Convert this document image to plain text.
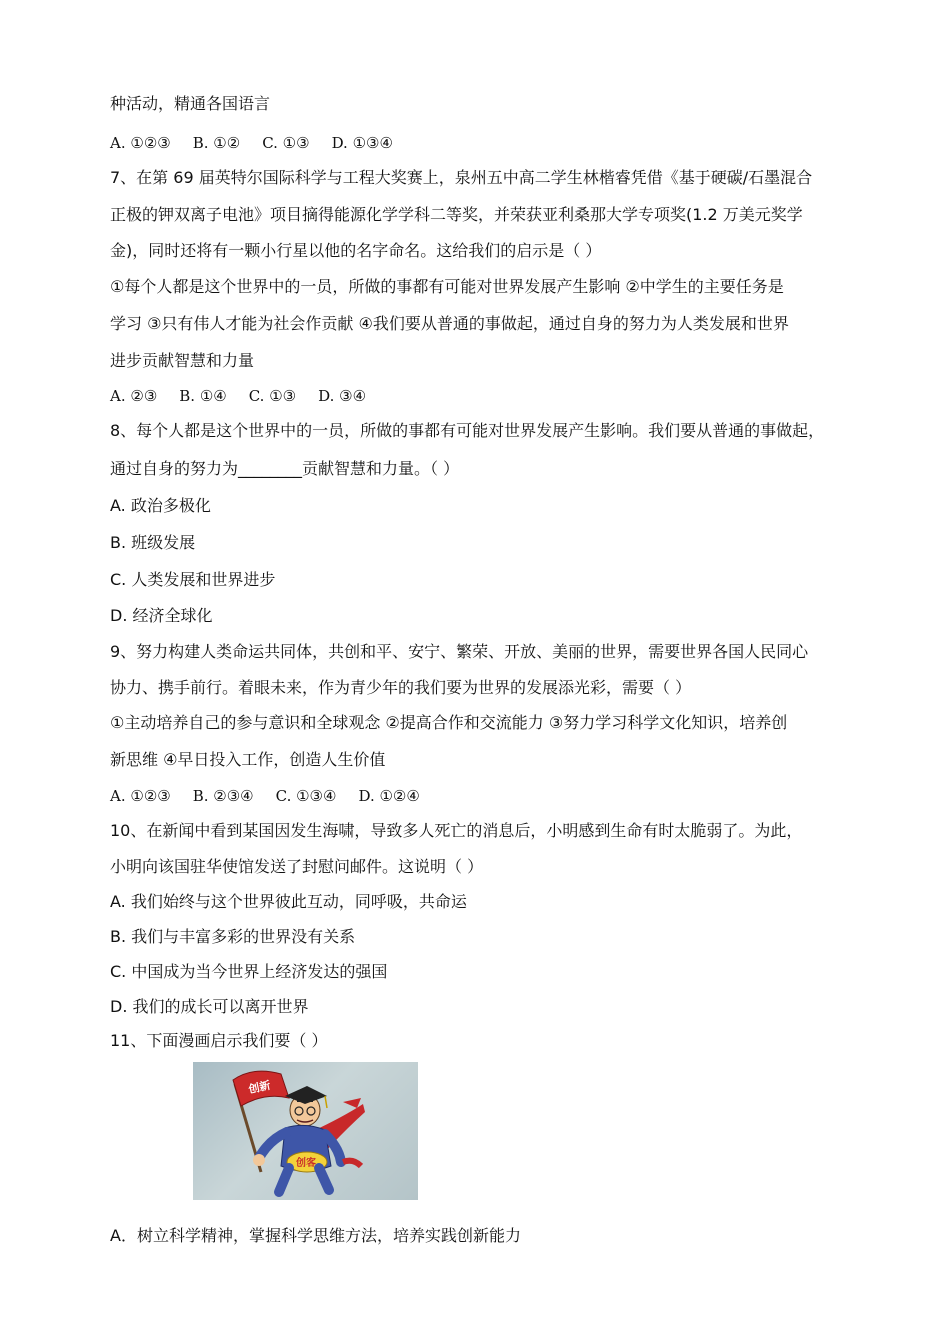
种活动，精通各国语言
A. ①②③ B. ①② C. ①③ D. ①③④
7、在第 69 届英特尔国际科学与工程大奖赛上，泉州五中高二学生林楷睿凭借《基于硬碳/石墨混合
正极的钾双离子电池》项目摘得能源化学学科二等奖，并荣获亚利桑那大学专项奖(1.2 万美元奖学
金)，同时还将有一颗小行星以他的名字命名。这给我们的启示是（ ）
①每个人都是这个世界中的一员，所做的事都有可能对世界发展产生影响 ②中学生的主要任务是
学习 ③只有伟人才能为社会作贡献 ④我们要从普通的事做起，通过自身的努力为人类发展和世界
进步贡献智慧和力量
A. ②③ B. ①④ C. ①③ D. ③④
8、每个人都是这个世界中的一员，所做的事都有可能对世界发展产生影响。我们要从普通的事做起，
通过自身的努力为________贡献智慧和力量。（ ）
A. 政治多极化
B. 班级发展
C. 人类发展和世界进步
D. 经济全球化
9、努力构建人类命运共同体，共创和平、安宁、繁荣、开放、美丽的世界，需要世界各国人民同心
协力、携手前行。着眼未来，作为青少年的我们要为世界的发展添光彩，需要（ ）
①主动培养自己的参与意识和全球观念 ②提高合作和交流能力 ③努力学习科学文化知识，培养创
新思维 ④早日投入工作，创造人生价值
A. ①②③ B. ②③④ C. ①③④ D. ①②④
10、在新闻中看到某国因发生海啸，导致多人死亡的消息后，小明感到生命有时太脆弱了。为此，
小明向该国驻华使馆发送了封慰问邮件。这说明（ ）
A. 我们始终与这个世界彼此互动，同呼吸，共命运
B. 我们与丰富多彩的世界没有关系
C. 中国成为当今世界上经济发达的强国
D. 我们的成长可以离开世界
11、下面漫画启示我们要（ ）
创新
创客
A．树立科学精神，掌握科学思维方法，培养实践创新能力
